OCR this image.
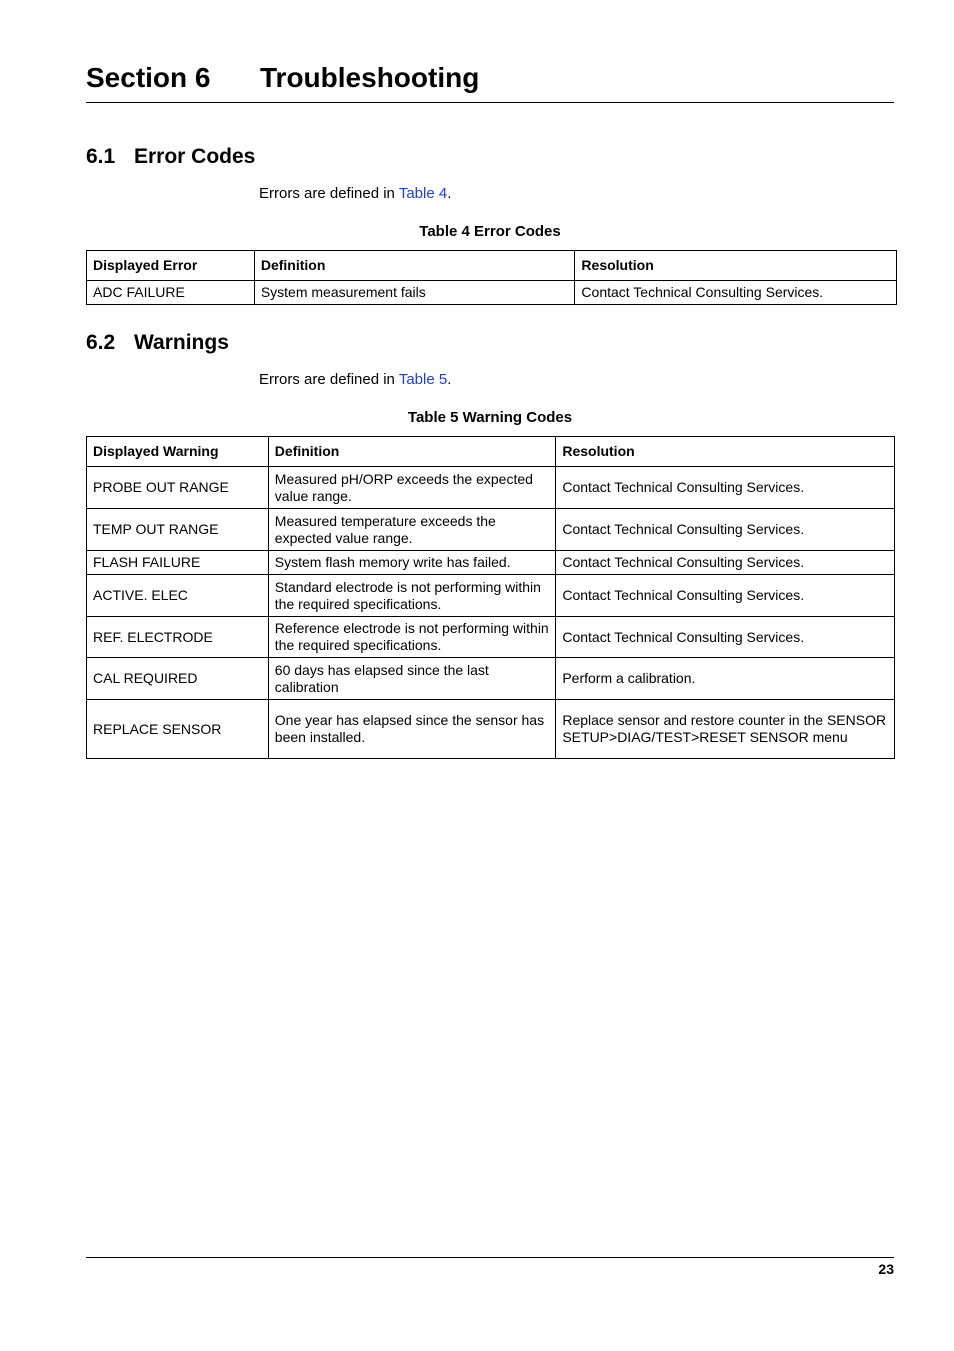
Section 6 Troubleshooting
6.1 Error Codes

Errors are defined in Table 4.

Table 4 Error Codes

Displayed Error	Definition	Resolution
ADC FAILURE	System measurement fails	Contact Technical Consulting Services.
6.2 Warnings

Errors are defined in Table 5.

Table 5 Warning Codes

Displayed Warning	Definition	Resolution
PROBE OUT RANGE	Measured pH/ORP exceeds the expected value range.	Contact Technical Consulting Services.
TEMP OUT RANGE	Measured temperature exceeds the expected value range.	Contact Technical Consulting Services.
FLASH FAILURE	System flash memory write has failed.	Contact Technical Consulting Services.
ACTIVE. ELEC	Standard electrode is not performing within the required specifications.	Contact Technical Consulting Services.
REF. ELECTRODE	Reference electrode is not performing within the required specifications.	Contact Technical Consulting Services.
CAL REQUIRED	60 days has elapsed since the last calibration	Perform a calibration.
REPLACE SENSOR	One year has elapsed since the sensor has been installed.	Replace sensor and restore counter in the SENSOR SETUP>DIAG/TEST>RESET SENSOR menu
23
